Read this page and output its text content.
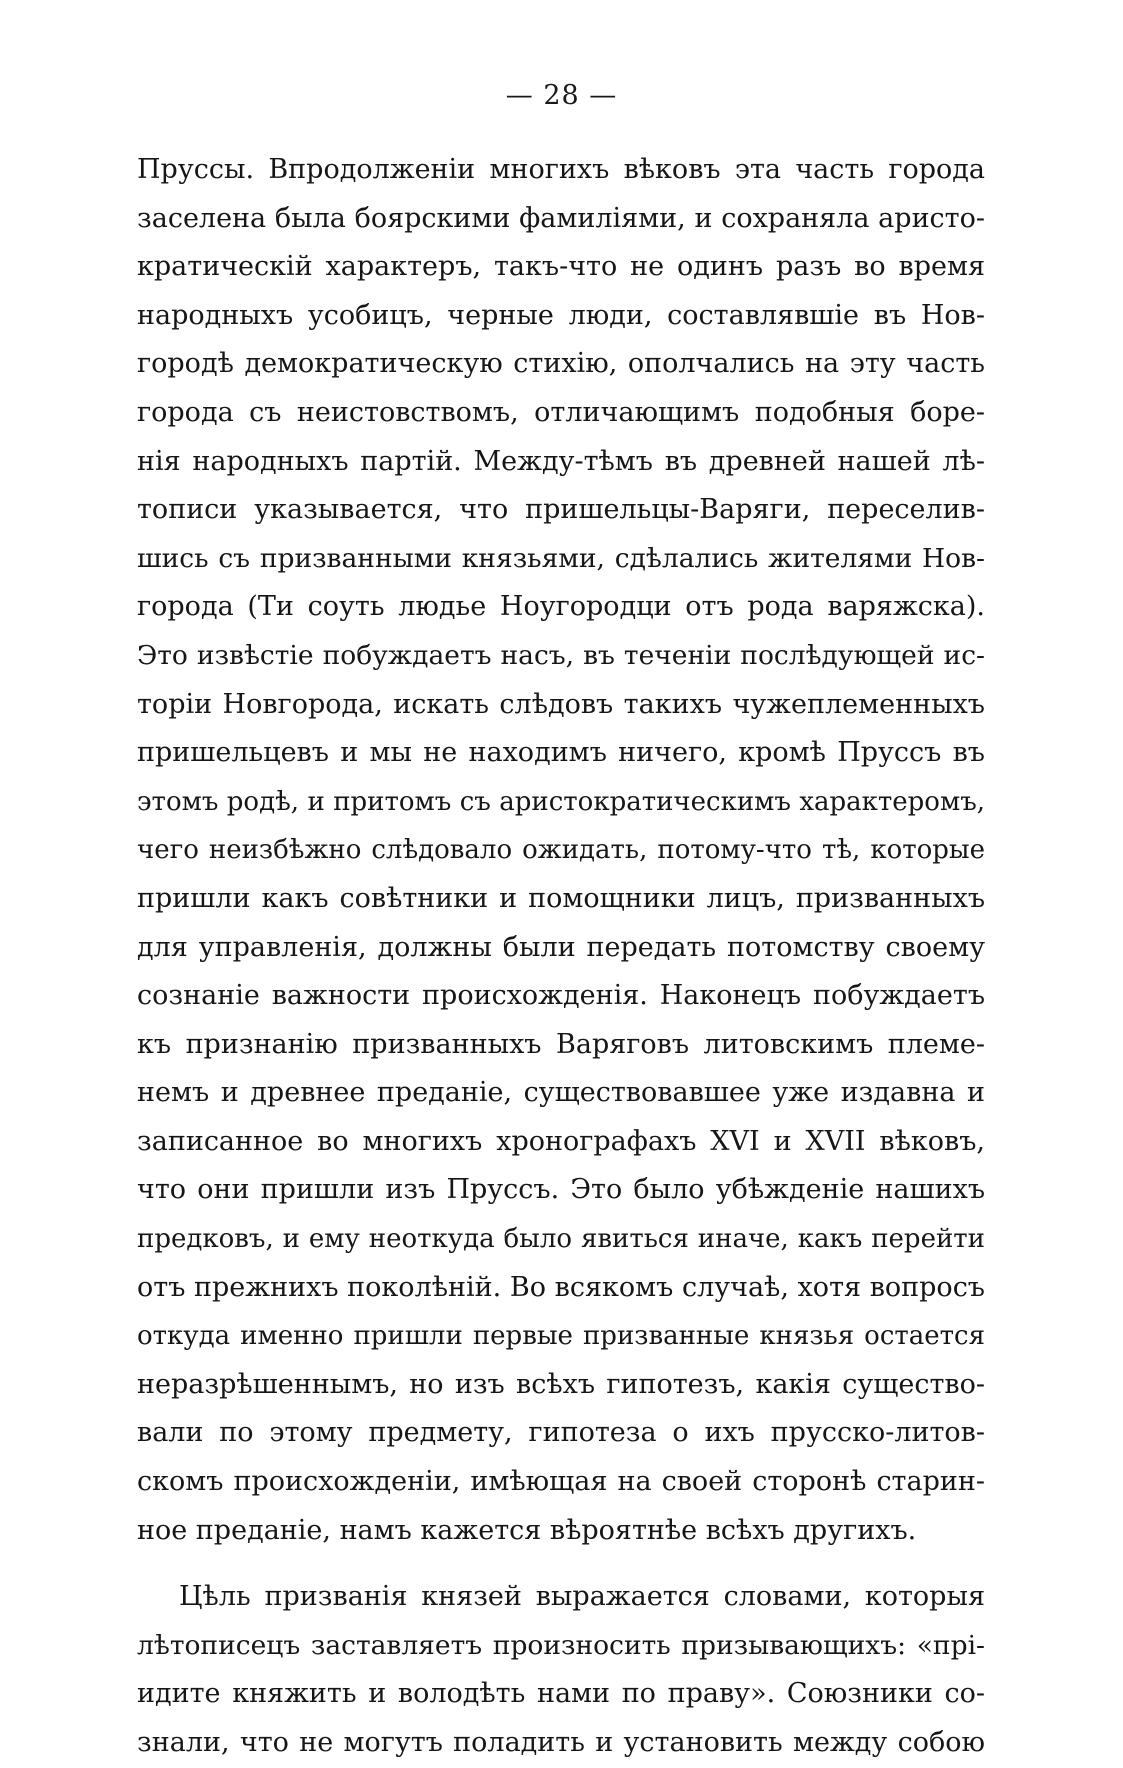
— 28 —
Пруссы. Впродолженіи многихъ вѣковъ эта часть города
заселена была боярскими фамиліями, и сохраняла аристо-
кратическій характеръ, такъ-что не одинъ разъ во время
народныхъ усобицъ, черные люди, составлявшіе въ Нов-
городѣ демократическую стихію, ополчались на эту часть
города съ неистовствомъ, отличающимъ подобныя боре-
нія народныхъ партій. Между-тѣмъ въ древней нашей лѣ-
тописи указывается, что пришельцы-Варяги, переселив-
шись съ призванными князьями, сдѣлались жителями Нов-
города (Ти соуть людье Ноугородци отъ рода варяжска).
Это извѣстіе побуждаетъ насъ, въ теченіи послѣдующей ис-
торіи Новгорода, искать слѣдовъ такихъ чужеплеменныхъ
пришельцевъ и мы не находимъ ничего, кромѣ Пруссъ въ
этомъ родѣ, и притомъ съ аристократическимъ характеромъ,
чего неизбѣжно слѣдовало ожидать, потому-что тѣ, которые
пришли какъ совѣтники и помощники лицъ, призванныхъ
для управленія, должны были передать потомству своему
сознаніе важности происхожденія. Наконецъ побуждаетъ
къ признанію призванныхъ Варяговъ литовскимъ племе-
немъ и древнее преданіе, существовавшее уже издавна и
записанное во многихъ хронографахъ XVI и XVII вѣковъ,
что они пришли изъ Пруссъ. Это было убѣжденіе нашихъ
предковъ, и ему неоткуда было явиться иначе, какъ перейти
отъ прежнихъ поколѣній. Во всякомъ случаѣ, хотя вопросъ
откуда именно пришли первые призванные князья остается
неразрѣшеннымъ, но изъ всѣхъ гипотезъ, какія существо-
вали по этому предмету, гипотеза о ихъ прусско-литов-
скомъ происхожденіи, имѣющая на своей сторонѣ старин-
ное преданіе, намъ кажется вѣроятнѣе всѣхъ другихъ.
Цѣль призванія князей выражается словами, которыя
лѣтописецъ заставляетъ произносить призывающихъ: «прі-
идите княжить и володѣть нами по праву». Союзники со-
знали, что не могутъ поладить и установить между собою
